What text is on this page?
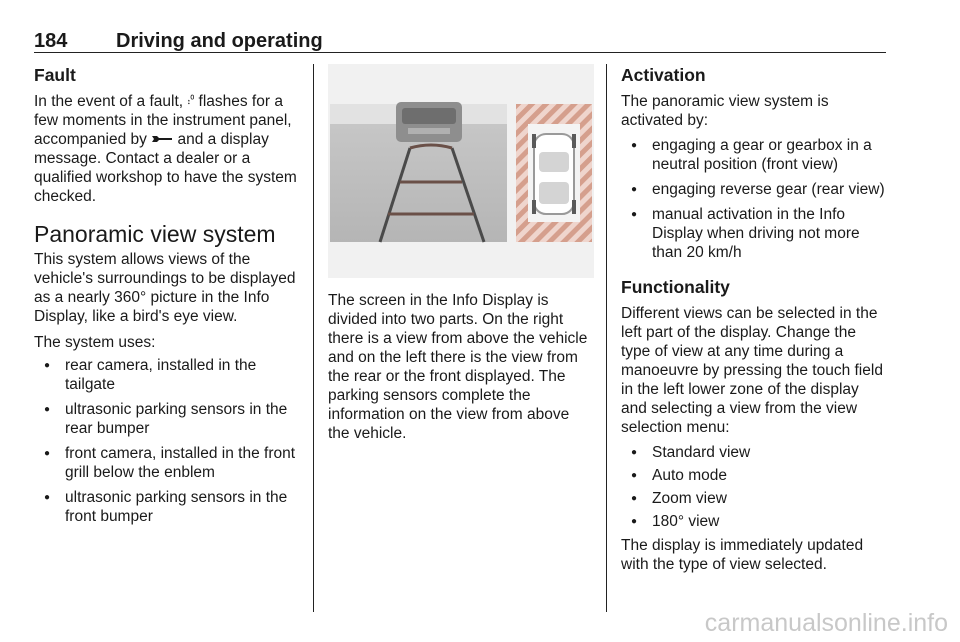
184 Driving and operating
Fault

In the event of a fault, ⹎⁰ flashes for a few moments in the instrument panel, accompanied by and a display message. Contact a dealer or a qualified workshop to have the system checked.

Panoramic view system

This system allows views of the vehicle's surroundings to be displayed as a nearly 360° picture in the Info Display, like a bird's eye view.

The system uses:

● rear camera, installed in the tailgate
● ultrasonic parking sensors in the rear bumper
● front camera, installed in the front grill below the enblem
● ultrasonic parking sensors in the front bumper

The screen in the Info Display is divided into two parts. On the right there is a view from above the vehicle and on the left there is the view from the rear or the front displayed. The parking sensors complete the information on the view from above the vehicle.

Activation

The panoramic view system is activated by:

● engaging a gear or gearbox in a neutral position (front view)
● engaging reverse gear (rear view)
● manual activation in the Info Display when driving not more than 20 km/h
Functionality

Different views can be selected in the left part of the display. Change the type of view at any time during a manoeuvre by pressing the touch field in the left lower zone of the display and selecting a view from the view selection menu:

● Standard view
● Auto mode
● Zoom view
● 180° view

The display is immediately updated with the type of view selected.

carmanualsonline.info
